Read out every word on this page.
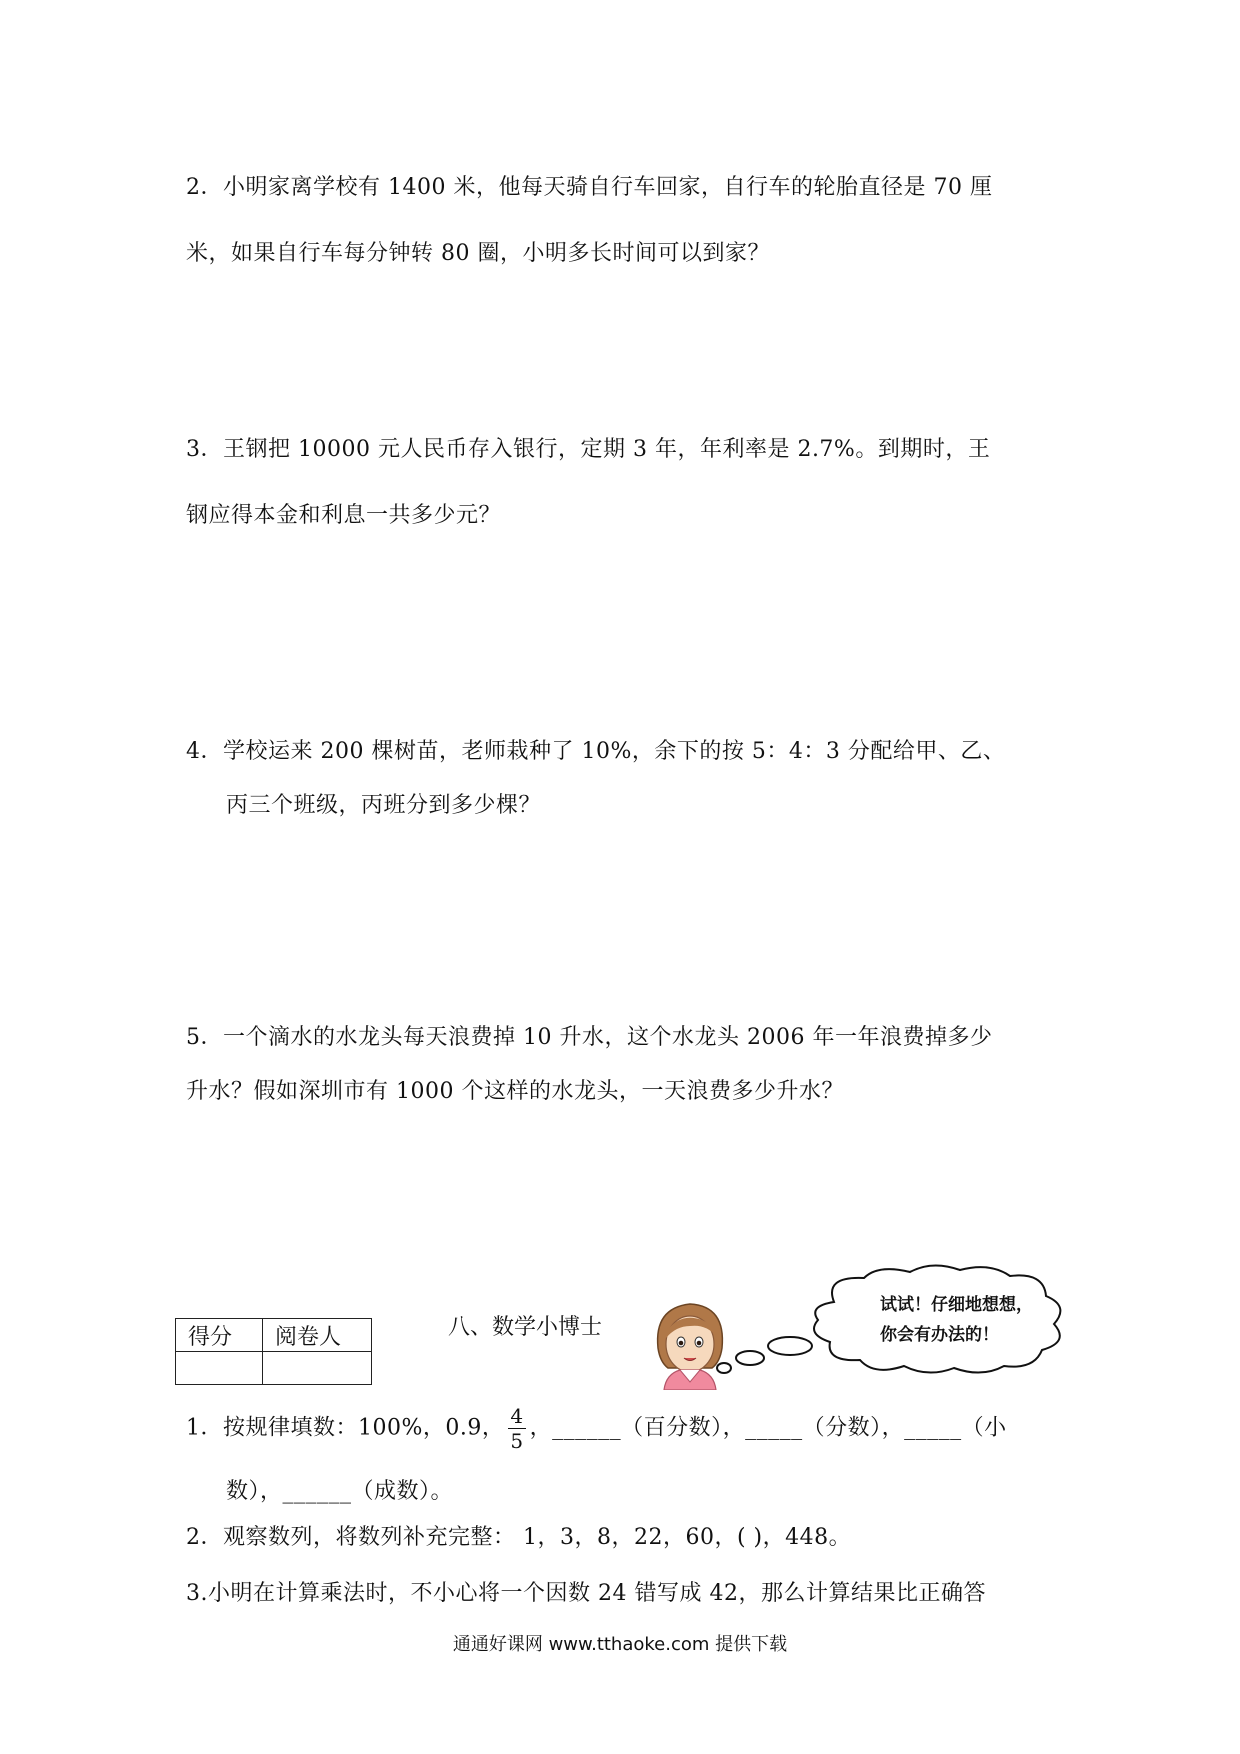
2．小明家离学校有 1400 米，他每天骑自行车回家，自行车的轮胎直径是 70 厘
米，如果自行车每分钟转 80 圈，小明多长时间可以到家？
3．王钢把 10000 元人民币存入银行，定期 3 年，年利率是 2.7%。到期时，王
钢应得本金和利息一共多少元？
4．学校运来 200 棵树苗，老师栽种了 10%，余下的按 5：4：3 分配给甲、乙、
丙三个班级，丙班分到多少棵？
5．一个滴水的水龙头每天浪费掉 10 升水，这个水龙头 2006 年一年浪费掉多少
升水？假如深圳市有 1000 个这样的水龙头，一天浪费多少升水？
得分	阅卷人
		八、数学小博士
试试！仔细地想想，
你会有办法的！
1．按规律填数：100%，0.9， $\frac{4}{5}$ ，______（百分数），_____（分数），_____（小
数），______（成数）。
2．观察数列，将数列补充完整： 1，3，8，22，60，( )，448。
3.小明在计算乘法时，不小心将一个因数 24 错写成 42，那么计算结果比正确答
通通好课网 www.tthaoke.com 提供下载
